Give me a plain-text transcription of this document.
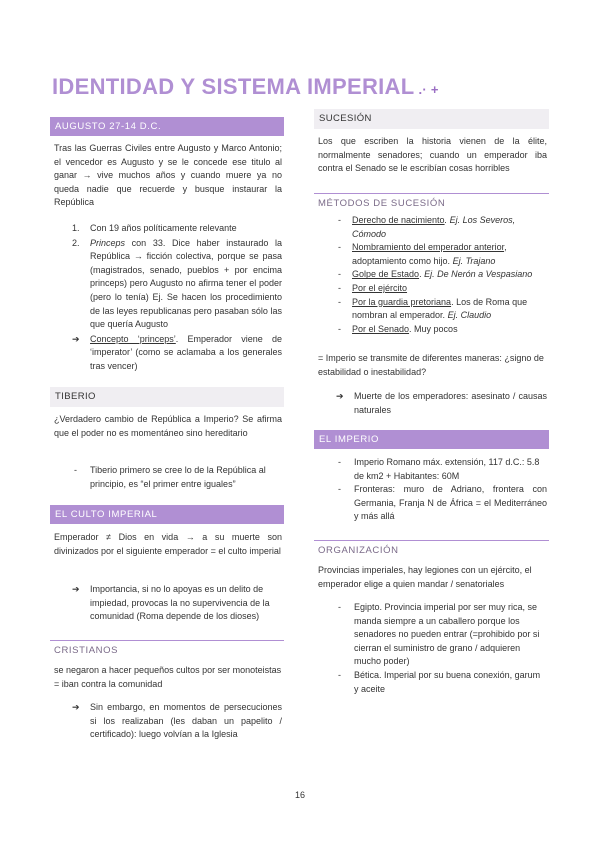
IDENTIDAD Y SISTEMA IMPERIAL .· +
AUGUSTO 27-14 D.C.
Tras las Guerras Civiles entre Augusto y Marco Antonio; el vencedor es Augusto y se le concede ese titulo al ganar → vive muchos años y cuando muere ya no queda nadie que recuerde y busque instaurar la República
1. Con 19 años políticamente relevante
2. Princeps con 33. Dice haber instaurado la República → ficción colectiva, porque se pasa (magistrados, senado, pueblos + por encima princeps) pero Augusto no afirma tener el poder (pero lo tenía) Ej. Se hacen los procedimiento de las leyes republicanas pero pasaban sólo las que quería Augusto
➔ Concepto ‘princeps’. Emperador viene de ‘imperator’ (como se aclamaba a los generales tras vencer)
TIBERIO
¿Verdadero cambio de República a Imperio? Se afirma que el poder no es momentáneo sino hereditario
- Tiberio primero se cree lo de la República al principio, es “el primer entre iguales”
EL CULTO IMPERIAL
Emperador ≠ Dios en vida → a su muerte son divinizados por el siguiente emperador = el culto imperial
➔ Importancia, si no lo apoyas es un delito de impiedad, provocas la no supervivencia de la comunidad (Roma depende de los dioses)
CRISTIANOS
se negaron a hacer pequeños cultos por ser monoteistas = iban contra la comunidad
➔ Sin embargo, en momentos de persecuciones si los realizaban (les daban un papelito / certificado): luego volvían a la Iglesia
SUCESIÓN
Los que escriben la historia vienen de la élite, normalmente senadores; cuando un emperador iba contra el Senado se le escribían cosas horribles
MÉTODOS DE SUCESIÓN
- Derecho de nacimiento. Ej. Los Severos, Cómodo
- Nombramiento del emperador anterior, adoptamiento como hijo. Ej. Trajano
- Golpe de Estado. Ej. De Nerón a Vespasiano
- Por el ejército
- Por la guardia pretoriana. Los de Roma que nombran al emperador. Ej. Claudio
- Por el Senado. Muy pocos
= Imperio se transmite de diferentes maneras: ¿signo de estabilidad o inestabilidad?
➔ Muerte de los emperadores: asesinato / causas naturales
EL IMPERIO
- Imperio Romano máx. extensión, 117 d.C.: 5.8 de km2 + Habitantes: 60M
- Fronteras: muro de Adriano, frontera con Germania, Franja N de África = el Mediterráneo y más allá
ORGANIZACIÓN
Provincias imperiales, hay legiones con un ejército, el emperador elige a quien mandar / senatoriales
- Egipto. Provincia imperial por ser muy rica, se manda siempre a un caballero porque los senadores no pueden entrar (=prohibido por si cierran el suministro de grano / adquieren mucho poder)
- Bética. Imperial por su buena conexión, garum y aceite
16
